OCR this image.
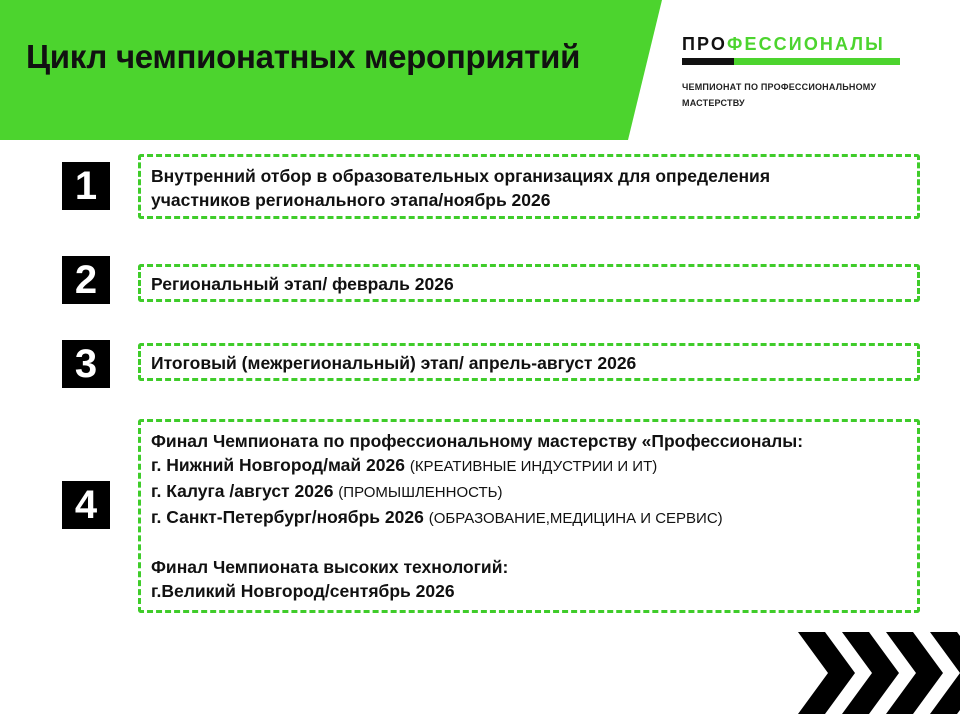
Цикл чемпионатных мероприятий	ПРОФЕССИОНАЛЫ
ЧЕМПИОНАТ ПО ПРОФЕССИОНАЛЬНОМУ
МАСТЕРСТВУ
1	Внутренний отбор в образовательных организациях для определения
участников регионального этапа/ноябрь 2026
2	Региональный этап/ февраль 2026
3	Итоговый (межрегиональный) этап/ апрель-август 2026
4
Финал Чемпионата по профессиональному мастерству «Профессионалы:
г. Нижний Новгород/май 2026 (КРЕАТИВНЫЕ ИНДУСТРИИ И ИТ)
г. Калуга /август 2026 (ПРОМЫШЛЕННОСТЬ)
г. Санкт-Петербург/ноябрь 2026 (ОБРАЗОВАНИЕ,МЕДИЦИНА И СЕРВИС)
Финал Чемпионата высоких технологий:
г.Великий Новгород/сентябрь 2026
